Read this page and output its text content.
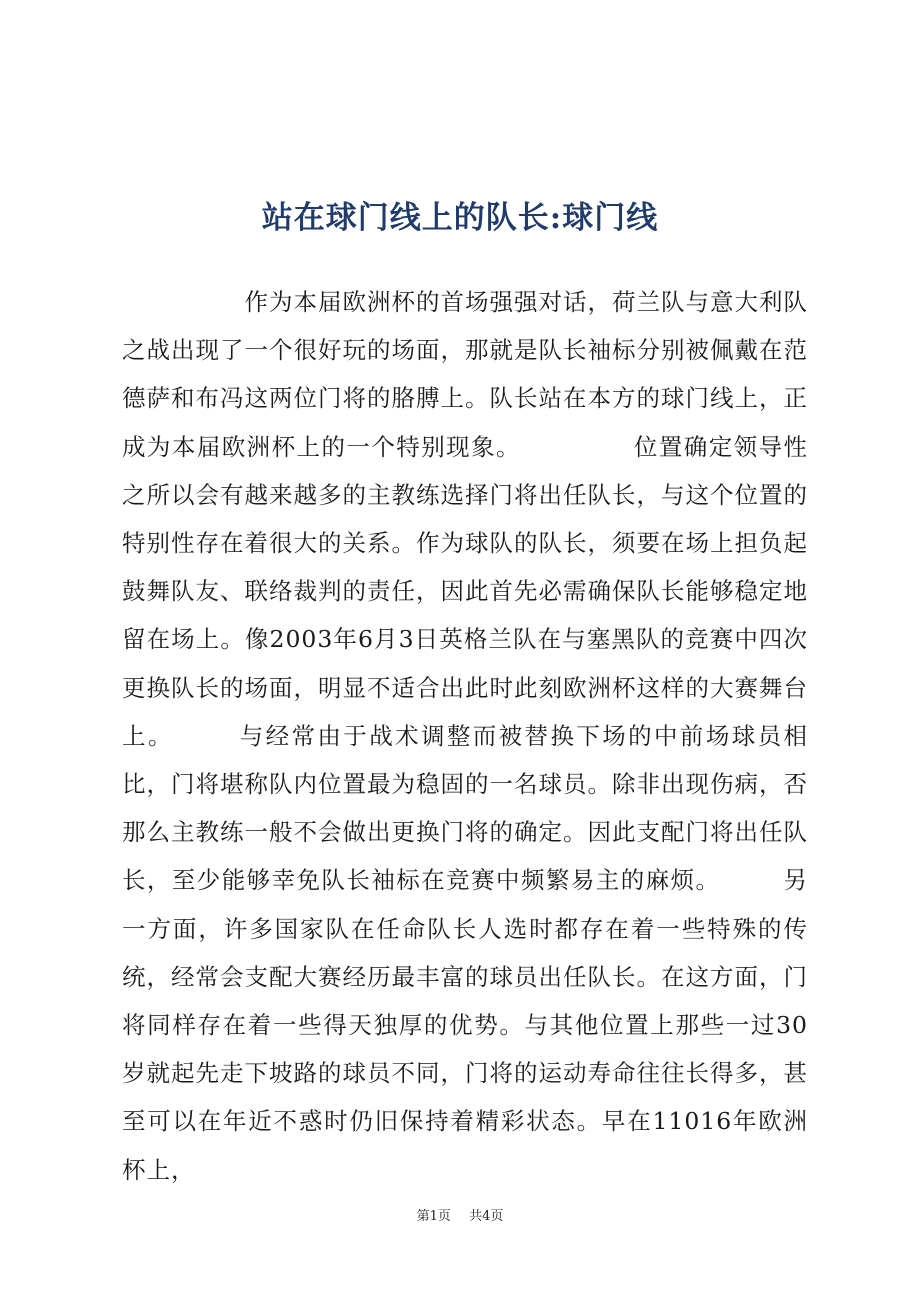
站在球门线上的队长:球门线

　　　　　作为本届欧洲杯的首场强强对话，荷兰队与意大利队之战出现了一个很好玩的场面，那就是队长袖标分别被佩戴在范德萨和布冯这两位门将的胳膊上。队长站在本方的球门线上，正成为本届欧洲杯上的一个特别现象。　　　　　位置确定领导性之所以会有越来越多的主教练选择门将出任队长，与这个位置的特别性存在着很大的关系。作为球队的队长，须要在场上担负起鼓舞队友、联络裁判的责任，因此首先必需确保队长能够稳定地留在场上。像2003年6月3日英格兰队在与塞黑队的竞赛中四次更换队长的场面，明显不适合出此时此刻欧洲杯这样的大赛舞台上。　　　与经常由于战术调整而被替换下场的中前场球员相比，门将堪称队内位置最为稳固的一名球员。除非出现伤病，否那么主教练一般不会做出更换门将的确定。因此支配门将出任队长，至少能够幸免队长袖标在竞赛中频繁易主的麻烦。　　　另一方面，许多国家队在任命队长人选时都存在着一些特殊的传统，经常会支配大赛经历最丰富的球员出任队长。在这方面，门将同样存在着一些得天独厚的优势。与其他位置上那些一过30岁就起先走下坡路的球员不同，门将的运动寿命往往长得多，甚至可以在年近不惑时仍旧保持着精彩状态。早在11016年欧洲杯上，

第1页 共4页
